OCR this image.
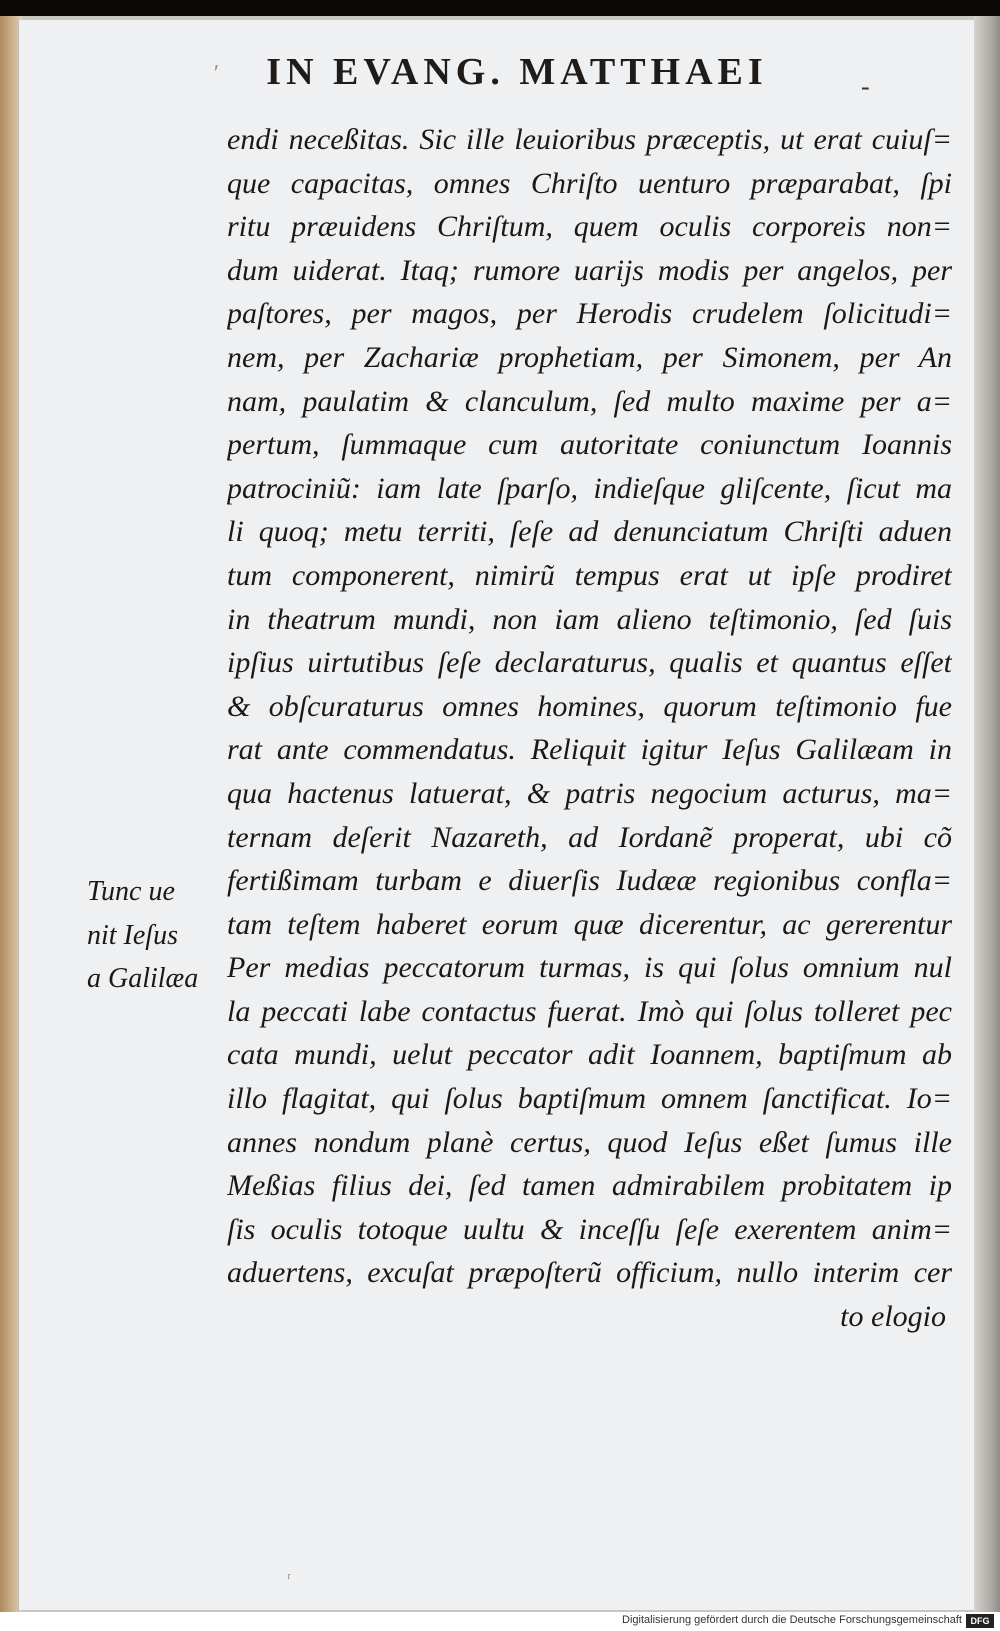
ʹ	IN EVANG. MATTHAEI	-
Tunc ue
nit Ieſus
a Galilæa
endi neceßitas. Sic ille leuioribus præceptis, ut erat cuiuſ=
que capacitas, omnes Chriſto uenturo præparabat, ſpi
ritu præuidens Chriſtum, quem oculis corporeis non=
dum uiderat. Itaq; rumore uarijs modis per angelos, per
paſtores, per magos, per Herodis crudelem ſolicitudi=
nem, per Zachariæ prophetiam, per Simonem, per An
nam, paulatim & clanculum, ſed multo maxime per a=
pertum, ſummaque cum autoritate coniunctum Ioannis
patrociniũ: iam late ſparſo, indieſque gliſcente, ſicut ma
li quoq; metu territi, ſeſe ad denunciatum Chriſti aduen
tum componerent, nimirũ tempus erat ut ipſe prodiret
in theatrum mundi, non iam alieno teſtimonio, ſed ſuis
ipſius uirtutibus ſeſe declaraturus, qualis et quantus eſſet
& obſcuraturus omnes homines, quorum teſtimonio fue
rat ante commendatus. Reliquit igitur Ieſus Galilæam in
qua hactenus latuerat, & patris negocium acturus, ma=
ternam deſerit Nazareth, ad Iordanẽ properat, ubi cõ
fertißimam turbam e diuerſis Iudææ regionibus confla=
tam teſtem haberet eorum quæ dicerentur, ac gererentur
Per medias peccatorum turmas, is qui ſolus omnium nul
la peccati labe contactus fuerat. Imò qui ſolus tolleret pec
cata mundi, uelut peccator adit Ioannem, baptiſmum ab
illo flagitat, qui ſolus baptiſmum omnem ſanctificat. Io=
annes nondum planè certus, quod Ieſus eßet ſumus ille
Meßias filius dei, ſed tamen admirabilem probitatem ip
ſis oculis totoque uultu & inceſſu ſeſe exerentem anim=
aduertens, excuſat præpoſterũ officium, nullo interim cer
to elogio
ʳ
Digitalisierung gefördert durch die Deutsche Forschungsgemeinschaft DFG
